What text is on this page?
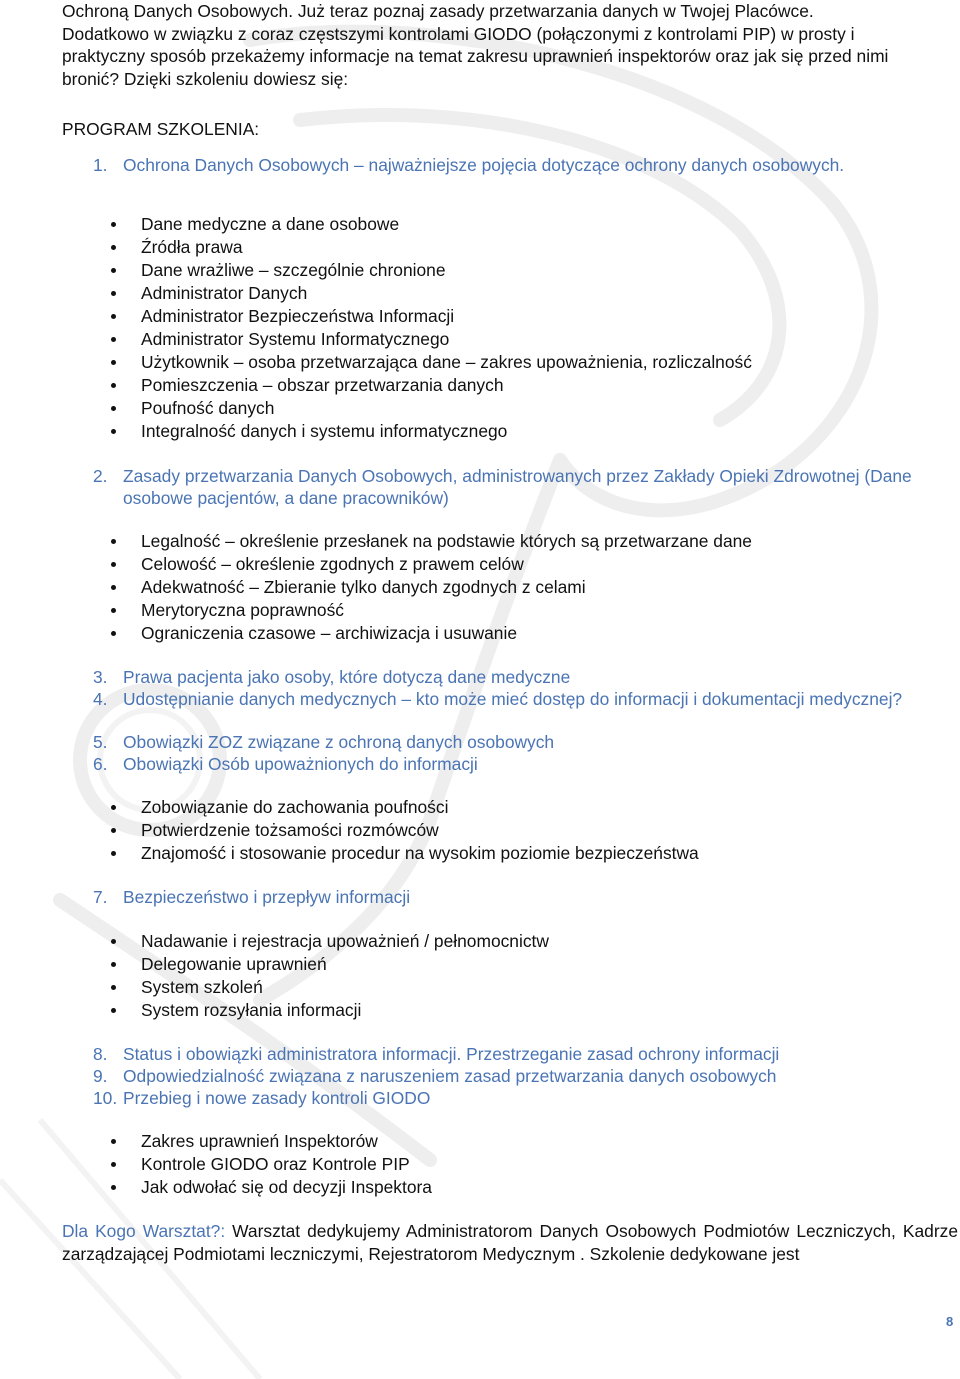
Ochroną Danych Osobowych. Już teraz poznaj zasady przetwarzania danych w Twojej Placówce.
Dodatkowo w związku z coraz częstszymi kontrolami GIODO (połączonymi z kontrolami PIP) w prosty i
praktyczny sposób przekażemy informacje na temat zakresu uprawnień inspektorów oraz jak się przed nimi
bronić? Dzięki szkoleniu dowiesz się:

PROGRAM SZKOLENIA:

1. Ochrona Danych Osobowych – najważniejsze pojęcia dotyczące ochrony danych osobowych.
Dane medyczne a dane osobowe
Źródła prawa
Dane wrażliwe – szczególnie chronione
Administrator Danych
Administrator Bezpieczeństwa Informacji
Administrator Systemu Informatycznego
Użytkownik – osoba przetwarzająca dane – zakres upoważnienia, rozliczalność
Pomieszczenia – obszar przetwarzania danych
Poufność danych
Integralność danych i systemu informatycznego
2. Zasady przetwarzania Danych Osobowych, administrowanych przez Zakłady Opieki Zdrowotnej (Dane osobowe pacjentów, a dane pracowników)
Legalność – określenie przesłanek na podstawie których są przetwarzane dane
Celowość – określenie zgodnych z prawem celów
Adekwatność – Zbieranie tylko danych zgodnych z celami
Merytoryczna poprawność
Ograniczenia czasowe – archiwizacja i usuwanie
3. Prawa pacjenta jako osoby, które dotyczą dane medyczne
4. Udostępnianie danych medycznych – kto może mieć dostęp do informacji i dokumentacji medycznej?
5. Obowiązki ZOZ związane z ochroną danych osobowych
6. Obowiązki Osób upoważnionych do informacji
Zobowiązanie do zachowania poufności
Potwierdzenie tożsamości rozmówców
Znajomość i stosowanie procedur na wysokim poziomie bezpieczeństwa
7. Bezpieczeństwo i przepływ informacji
Nadawanie i rejestracja upoważnień / pełnomocnictw
Delegowanie uprawnień
System szkoleń
System rozsyłania informacji
8. Status i obowiązki administratora informacji. Przestrzeganie zasad ochrony informacji
9. Odpowiedzialność związana z naruszeniem zasad przetwarzania danych osobowych
10. Przebieg i nowe zasady kontroli GIODO
Zakres uprawnień Inspektorów
Kontrole GIODO oraz Kontrole PIP
Jak odwołać się od decyzji Inspektora

Dla Kogo Warsztat?: Warsztat dedykujemy Administratorom Danych Osobowych Podmiotów Leczniczych, Kadrze zarządzającej Podmiotami leczniczymi, Rejestratorom Medycznym . Szkolenie dedykowane jest

8
